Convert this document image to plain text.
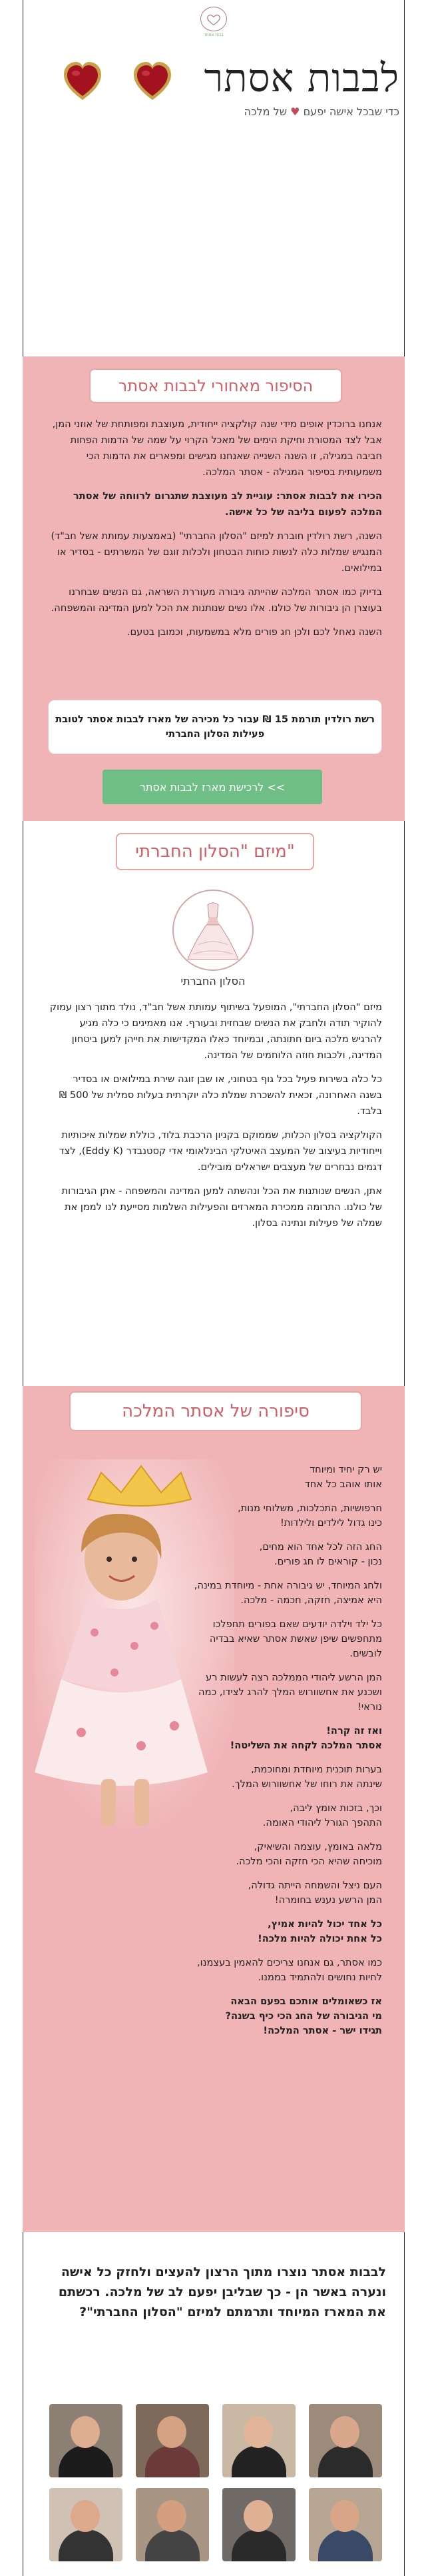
בבות אסתר
לבבות אסתר
כדי שבכל אישה יפעם ♥ של מלכה
הסיפור מאחורי לבבות אסתר

אנחנו ברוכדין אופים מידי שנה קולקציה ייחודית, מעוצבת ומפותחת של אוזני המן, אבל לצד המסורת וחיקת הימים של מאכל הקרוי על שמה של הדמות הפחות חביבה במגילה, זו השנה השנייה שאנחנו מגישים ומפארים את הדמות הכי משמעותית בסיפור המגילה - אסתר המלכה.

הכירו את לבבות אסתר: עוגיית לב מעוצבת שתגרום לרווחה של אסתר המלכה לפעום בליבה של כל אישה.

השנה, רשת רולדין חוברת למיזם "הסלון החברתי" (באמצעות עמותת אשל חב"ד) המנגיש שמלות כלה לנשות כוחות הבטחון ולכלות זוגם של המשרתים - בסדיר או במילואים.

בדיוק כמו אסתר המלכה שהייתה גיבורה מעוררת השראה, גם הנשים שבחרנו בעוצרן הן גיבורות של כולנו. אלו נשים שנותנות את הכל למען המדינה והמשפחה.

השנה נאחל לכם ולכן חג פורים מלא במשמעות, וכמובן בטעם.

רשת רולדין תורמת 15 ₪ עבור כל מכירה של מארז לבבות אסתר לטובת פעילות הסלון החברתי
לרכישת מארז לבבות אסתר <<
מיזם "הסלון החברתי"
הסלון החברתי

מיזם "הסלון החברתי", המופעל בשיתוף עמותת אשל חב"ד, נולד מתוך רצון עמוק להוקיר תודה ולחבק את הנשים שבחזית ובעורף. אנו מאמינים כי כלה מגיע להרגיש מלכה ביום חתונתה, ובמיוחד כאלו המקדישות את חייהן למען ביטחון המדינה, ולכבות חוזה הלוחמים של המדינה.

כל כלה בשירות פעיל בכל גוף בטחוני, או שבן זוגה שירת במילואים או בסדיר בשנה האחרונה, זכאית להשכרת שמלת כלה יוקרתית בעלות סמלית של 500 ₪ בלבד.

הקולקציה בסלון הכלות, שממוקם בקניון הרכבת בלוד, כוללת שמלות איכותיות וייחודיות בעיצוב של המעצב האיטלקי הבינלאומי אדי קסטנבדר (Eddy K), לצד דגמים נבחרים של מעצבים ישראלים מובילים.

אתן, הנשים שנותנות את הכל ונהשתה למען המדינה והמשפחה - אתן הגיבורות של כולנו. התרומה ממכירת המארזים והפעילות השלמות מסייעת לנו לממן את שמלה של פעילות ונתינה בסלון.

סיפורה של אסתר המלכה

יש רק יחיד ומיוחד
אותו אוהב כל אחד

חרפושיות, התכלכות, משלוחי מנות,
כינו גדול לילדים ולילדות!

החג הזה לכל אחד הוא מחים,
נכון - קוראים לו חג פורים.

ולחג המיוחד, יש גיבורה אחת - מיוחדת במינה,
היא אמיצה, חזקה, חכמה - מלכה.

כל ילד וילדה יודעים שאם בפורים תחפלכו מתחפשים שיפן שאשת אסתר שאיא בבדיה לובשים.

המן הרשע ליהודי הממלכה רצה לעשות רע ושכנע את אחשוורוש המלך להרג לצידו, כמה נוראי!

ואז זה קרה!
אסתר המלכה לקחה את השליטה!

בערות תוכנית מיוחדת ומחוכמת,
שינתה את רוחו של אחשוורוש המלך.

וכך, בזכות אומץ ליבה,
התהפך הגורל ליהודי האומה.

מלאה באומץ, עוצמה והשיאיק,
מוכיחה שהיא הכי חזקה והכי מלכה.

העם ניצל והשמחה הייתה גדולה,
המן הרשע נענש בחומרה!

כל אחד יכול להיות אמיץ,
כל אחת יכולה להיות מלכה!

כמו אסתר, גם אנחנו צריכים להאמין בעצמנו, לחיות נחושים ולהתמיד בממנו.

אז כשאומלים אותכם בפעם הבאה
מי הגיבורה של החג הכי כיף בשנה?
תגידו ישר - אסתר המלכה!

לבבות אסתר נוצרו מתוך הרצון להעצים ולחזק כל אישה ונערה באשר הן - כך שבליבן יפעם לב של מלכה. רכשתם את המארז המיוחד ותרמתם למיזם "הסלון החברתי"?
